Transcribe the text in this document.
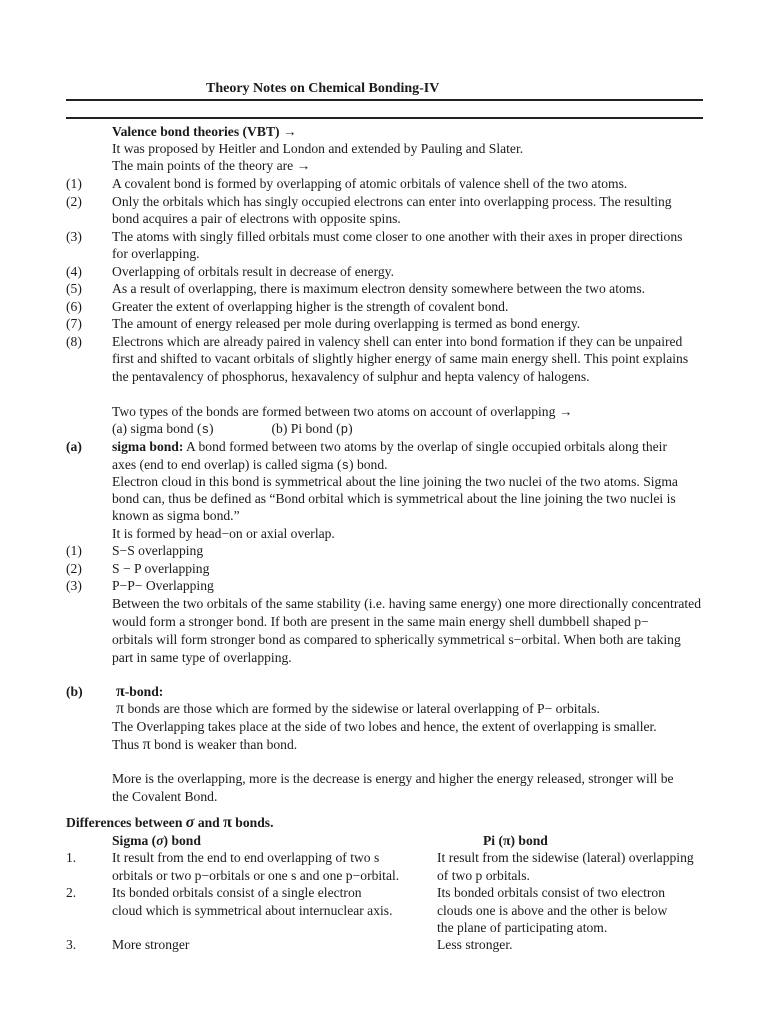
Theory Notes on Chemical Bonding-IV
Valence bond theories (VBT) →
It was proposed by Heitler and London and extended by Pauling and Slater.
The main points of the theory are →
(1) A covalent bond is formed by overlapping of atomic orbitals of valence shell of the two atoms.
(2) Only the orbitals which has singly occupied electrons can enter into overlapping process. The resulting
bond acquires a pair of electrons with opposite spins.
(3) The atoms with singly filled orbitals must come closer to one another with their axes in proper directions
for overlapping.
(4) Overlapping of orbitals result in decrease of energy.
(5) As a result of overlapping, there is maximum electron density somewhere between the two atoms.
(6) Greater the extent of overlapping higher is the strength of covalent bond.
(7) The amount of energy released per mole during overlapping is termed as bond energy.
(8) Electrons which are already paired in valency shell can enter into bond formation if they can be unpaired
first and shifted to vacant orbitals of slightly higher energy of same main energy shell. This point explains
the pentavalency of phosphorus, hexavalency of sulphur and hepta valency of halogens.
Two types of the bonds are formed between two atoms on account of overlapping →
(a) sigma bond (s)	(b) Pi bond (p)
(a) sigma bond: A bond formed between two atoms by the overlap of single occupied orbitals along their
axes (end to end overlap) is called sigma (s) bond.
Electron cloud in this bond is symmetrical about the line joining the two nuclei of the two atoms. Sigma
bond can, thus be defined as “Bond orbital which is symmetrical about the line joining the two nuclei is
known as sigma bond.”
It is formed by head−on or axial overlap.
(1) S−S overlapping
(2) S − P overlapping
(3) P−P− Overlapping
Between the two orbitals of the same stability (i.e. having same energy) one more directionally concentrated
would form a stronger bond. If both are present in the same main energy shell dumbbell shaped p−
orbitals will form stronger bond as compared to spherically symmetrical s−orbital. When both are taking
part in same type of overlapping.
(b) π-bond:
π bonds are those which are formed by the sidewise or lateral overlapping of P− orbitals.
The Overlapping takes place at the side of two lobes and hence, the extent of overlapping is smaller.
Thus π bond is weaker than bond.
More is the overlapping, more is the decrease is energy and higher the energy released, stronger will be
the Covalent Bond.
Differences between σ and π bonds.
Sigma (σ) bond	Pi (π) bond
1.	It result from the end to end overlapping of two s	It result from the sidewise (lateral) overlapping
orbitals or two p−orbitals or one s and one p−orbital.	of two p orbitals.
2.	Its bonded orbitals consist of a single electron	Its bonded orbitals consist of two electron
cloud which is symmetrical about internuclear axis.	clouds one is above and the other is below
the plane of participating atom.
3.	More stronger	Less stronger.
